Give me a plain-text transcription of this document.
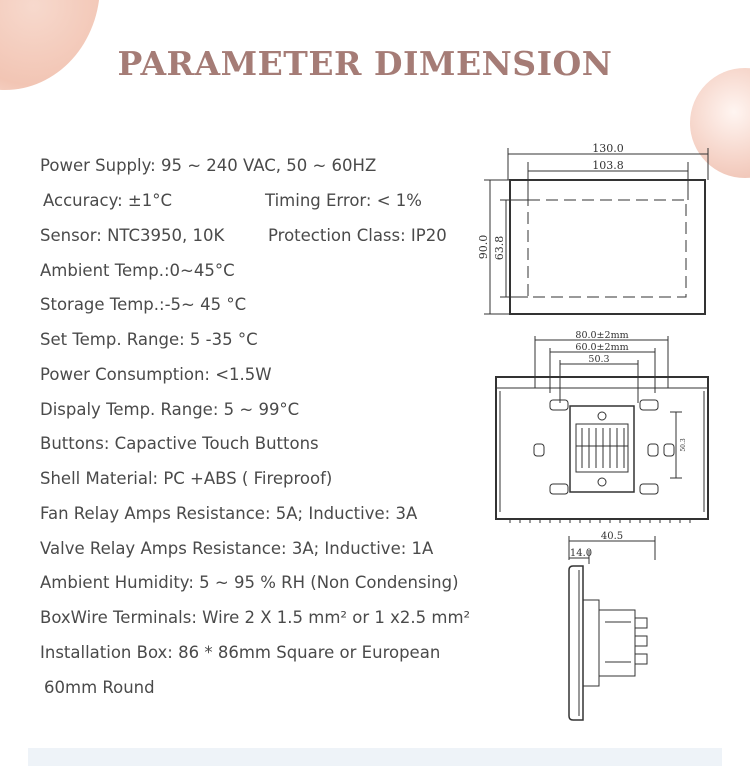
PARAMETER DIMENSION
Power Supply: 95 ~ 240 VAC, 50 ~ 60HZ
Accuracy: ±1°C	Timing Error: < 1%
Sensor: NTC3950, 10K	Protection Class: IP20
Ambient Temp.:0~45°C
Storage Temp.:-5~ 45 °C
Set Temp. Range: 5 -35 °C
Power Consumption: <1.5W
Dispaly Temp. Range: 5 ~ 99°C
Buttons: Capactive Touch Buttons
Shell Material: PC +ABS ( Fireproof)
Fan Relay Amps Resistance: 5A; Inductive: 3A
Valve Relay Amps Resistance: 3A; Inductive: 1A
Ambient Humidity: 5 ~ 95 % RH (Non Condensing)
BoxWire Terminals: Wire 2 X 1.5 mm² or 1 x2.5 mm²
Installation Box: 86 * 86mm Square or European
60mm Round
130.0
103.8
90.0 63.8
80.0±2mm
60.0±2mm
50.3
50.3
40.5
14.0
